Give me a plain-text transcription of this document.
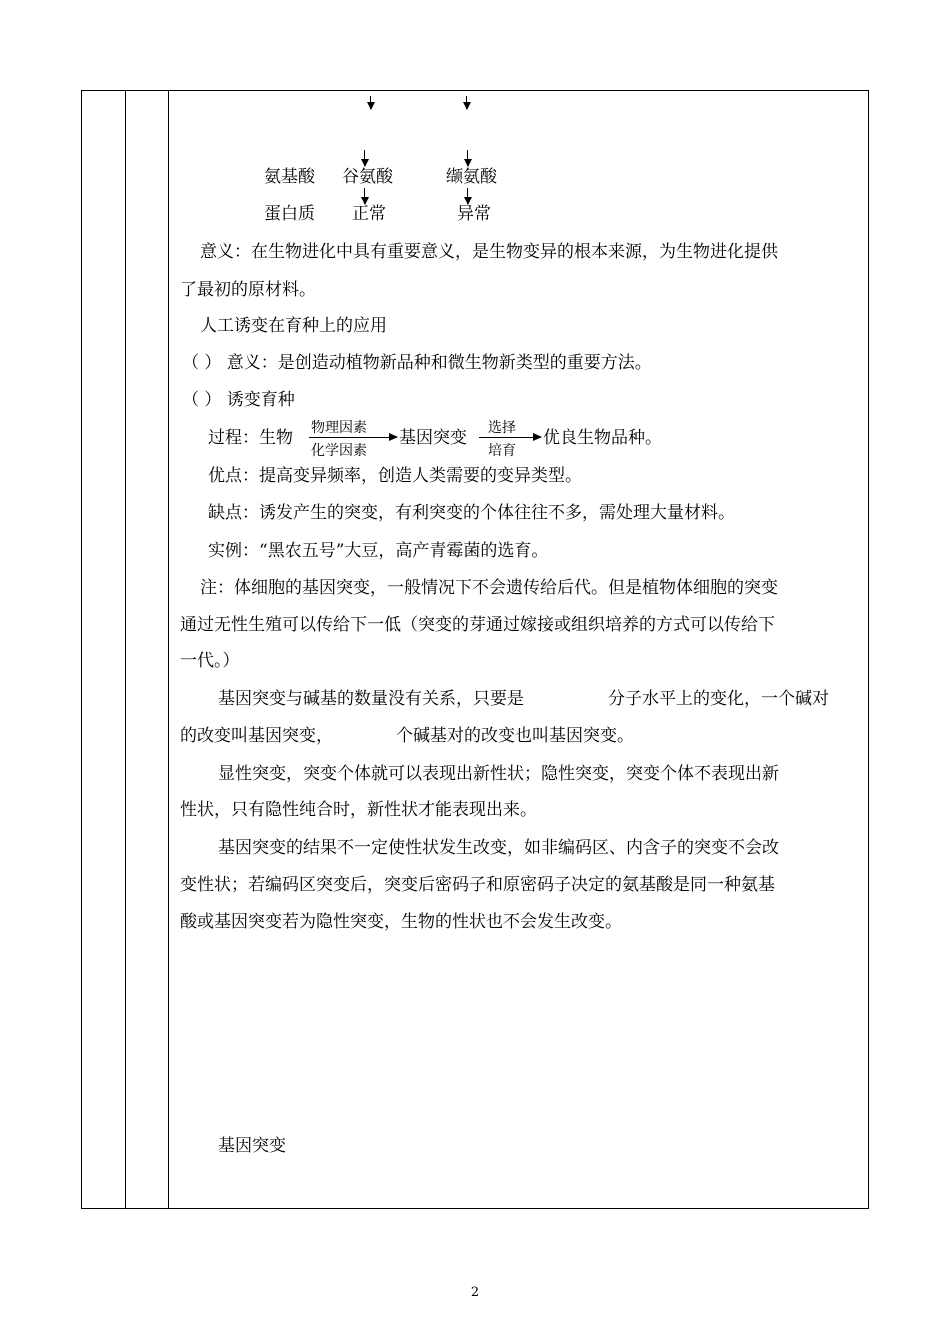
氨基酸 谷氨酸	缬氨酸
蛋白质 正常	异常
意义：在生物进化中具有重要意义，是生物变异的根本来源，为生物进化提供
了最初的原材料。
人工诱变在育种上的应用
（ ） 意义：是创造动植物新品种和微生物新类型的重要方法。
（ ） 诱变育种
过程：生物 物理因素
化学因素
基因突变 选择
培育
优良生物品种。
优点：提高变异频率，创造人类需要的变异类型。
缺点：诱发产生的突变，有利突变的个体往往不多，需处理大量材料。
实例：“黑农五号”大豆，高产青霉菌的选育。
注：体细胞的基因突变，一般情况下不会遗传给后代。但是植物体细胞的突变
通过无性生殖可以传给下一低（突变的芽通过嫁接或组织培养的方式可以传给下
一代。）
基因突变与碱基的数量没有关系，只要是	分子水平上的变化，一个碱对
的改变叫基因突变，	个碱基对的改变也叫基因突变。
显性突变，突变个体就可以表现出新性状；隐性突变，突变个体不表现出新
性状，只有隐性纯合时，新性状才能表现出来。
基因突变的结果不一定使性状发生改变，如非编码区、内含子的突变不会改
变性状；若编码区突变后，突变后密码子和原密码子决定的氨基酸是同一种氨基
酸或基因突变若为隐性突变，生物的性状也不会发生改变。
基因突变
2
